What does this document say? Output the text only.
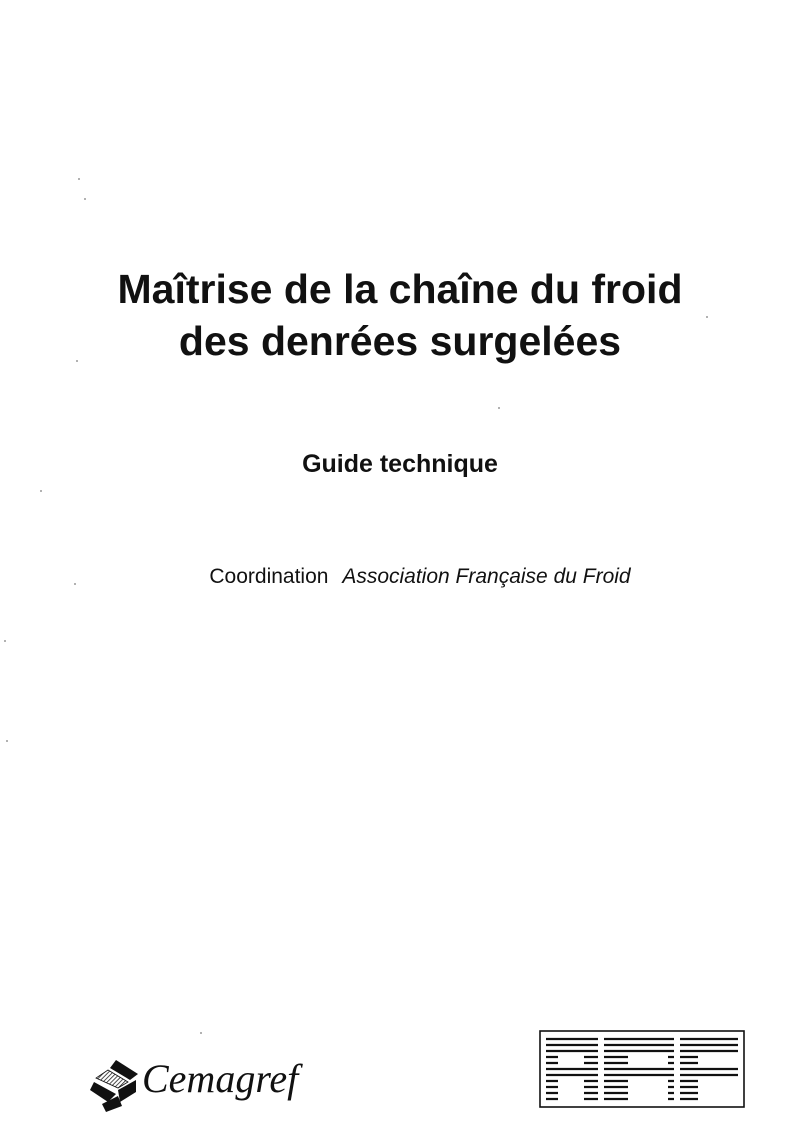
Maîtrise de la chaîne du froid
des denrées surgelées
Guide technique
Coordination Association Française du Froid
Cemagref
